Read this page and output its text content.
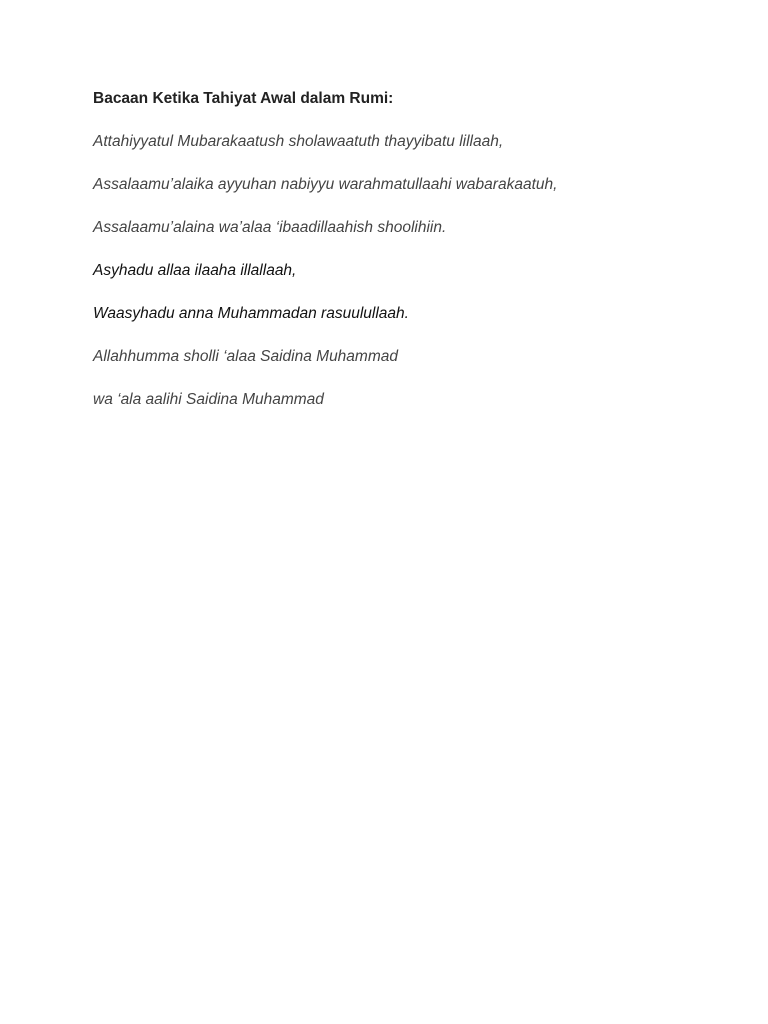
Bacaan Ketika Tahiyat Awal dalam Rumi:

Attahiyyatul Mubarakaatush sholawaatuth thayyibatu lillaah,

Assalaamu’alaika ayyuhan nabiyyu warahmatullaahi wabarakaatuh,

Assalaamu’alaina wa’alaa ‘ibaadillaahish shoolihiin.

Asyhadu allaa ilaaha illallaah,

Waasyhadu anna Muhammadan rasuulullaah.

Allahhumma sholli ‘alaa Saidina Muhammad

wa ‘ala aalihi Saidina Muhammad
